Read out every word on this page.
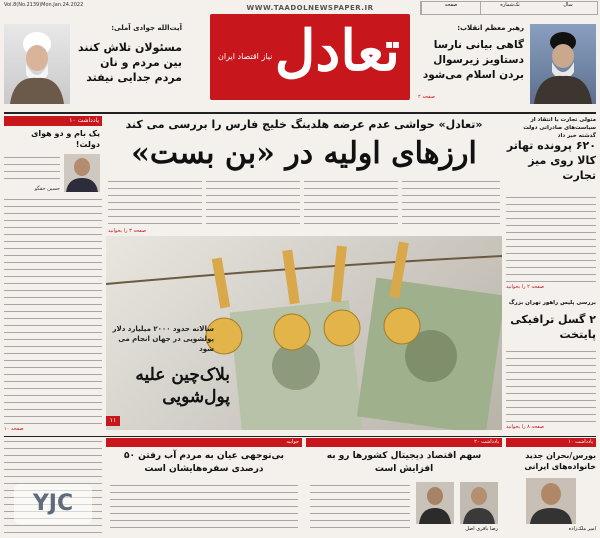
WWW.TAADOLNEWSPAPER.IR
تعادل
نیاز اقتصاد ایران
Vol.8(No.2139)Mon.Jan.24.2022	صفحه	تک‌شماره	سال
آیت‌الله جوادی آملی:
مسئولان تلاش کنند بین مردم و نان مردم جدایی نیفتد
رهبر معظم انقلاب:
گاهی بیانی نارسا دستاویز زیرسوال بردن اسلام می‌شود
صفحه ۲
یادداشت ۱۰
یک بام و دو هوای دولت!
حسین حقگو
صفحه ۱۰
«تعادل» حواشی عدم عرضه هلدینگ خلیج فارس را بررسی می کند
ارزهای اولیه در «بن بست»
صفحه ۳ را بخوانید
سالانه حدود ۲۰۰۰ میلیارد دلار پولشویی در جهان انجام می شود
بلاک‌چین علیه پول‌شویی
۱۱
متولی تجارت با انتقاد از سیاست‌های صادراتی دولت گذشته خبر داد
۶۲۰ پرونده تهاتر کالا روی میز تجارت
صفحه ۲ را بخوانید
بررسی پلیس راهور تهران بزرگ
۲ گسل ترافیکی پایتخت
صفحه ۸ را بخوانید
یادداشت ۱۰
بورس/بحران جدید خانواده‌های ایرانی
امیر ملک‌زاده
یادداشت ۲۰
سهم اقتصاد دیجیتال کشورها رو به افزایش است
رضا باقری اصل
جوابیه
بی‌توجهی عیان به مردم آب رفتن ۵۰ درصدی سفره‌هایشان است
YJC
